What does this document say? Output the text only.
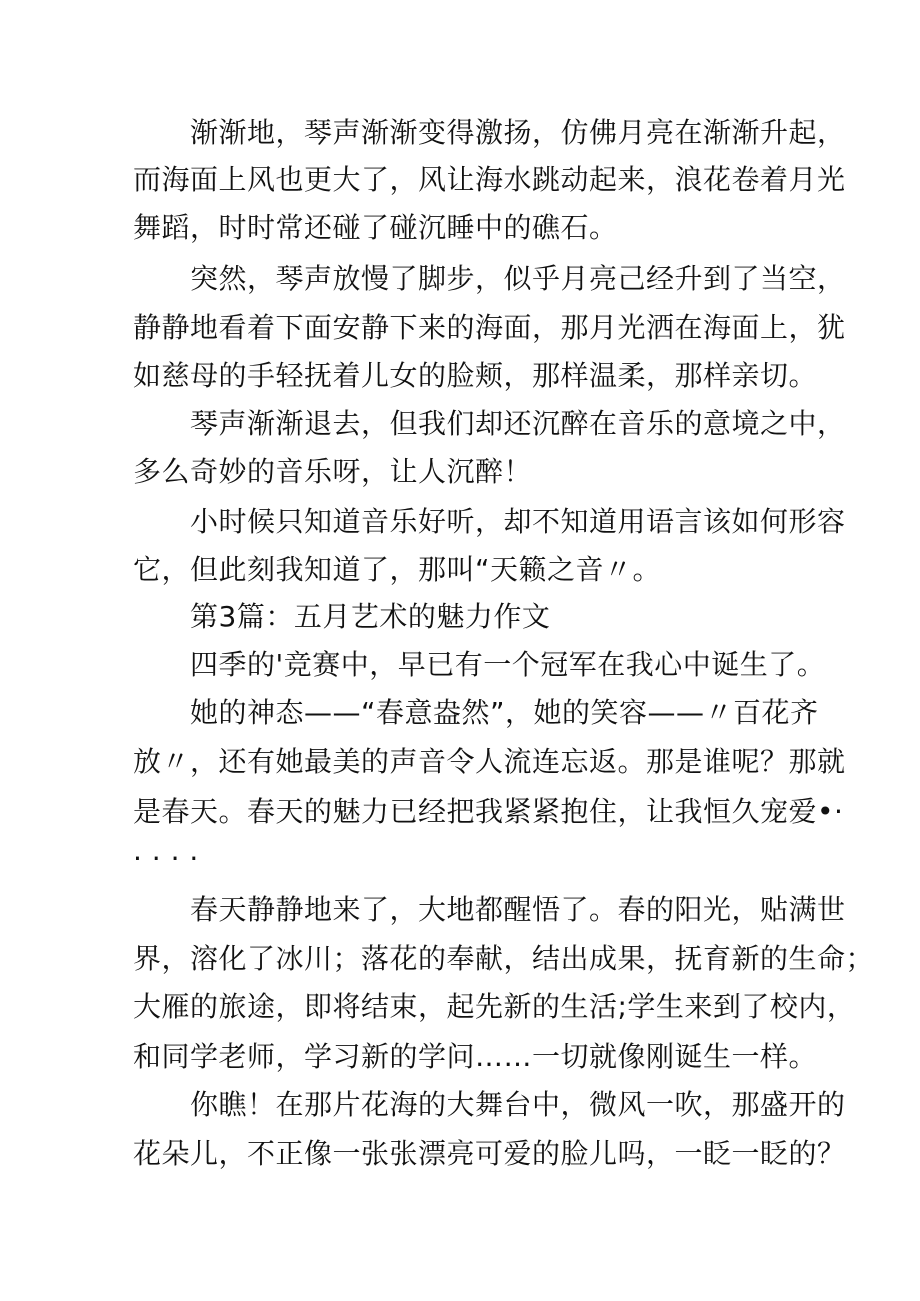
渐渐地，琴声渐渐变得激扬，仿佛月亮在渐渐升起，
而海面上风也更大了，风让海水跳动起来，浪花卷着月光
舞蹈，时时常还碰了碰沉睡中的礁石。
突然，琴声放慢了脚步，似乎月亮己经升到了当空，
静静地看着下面安静下来的海面，那月光洒在海面上，犹
如慈母的手轻抚着儿女的脸颊，那样温柔，那样亲切。
琴声渐渐退去，但我们却还沉醉在音乐的意境之中，
多么奇妙的音乐呀，让人沉醉！
小时候只知道音乐好听，却不知道用语言该如何形容
它，但此刻我知道了，那叫“天籁之音〃。
第3篇：五月艺术的魅力作文
四季的'竞赛中，早已有一个冠军在我心中诞生了。
她的神态——“春意盎然”，她的笑容——〃百花齐
放〃，还有她最美的声音令人流连忘返。那是谁呢？那就
是春天。春天的魅力已经把我紧紧抱住，让我恒久宠爱•·
· · · ·
春天静静地来了，大地都醒悟了。春的阳光，贴满世
界，溶化了冰川；落花的奉献，结出成果，抚育新的生命；
大雁的旅途，即将结束，起先新的生活;学生来到了校内，
和同学老师，学习新的学问……一切就像刚诞生一样。
你瞧！在那片花海的大舞台中，微风一吹，那盛开的
花朵儿，不正像一张张漂亮可爱的脸儿吗，一眨一眨的？
